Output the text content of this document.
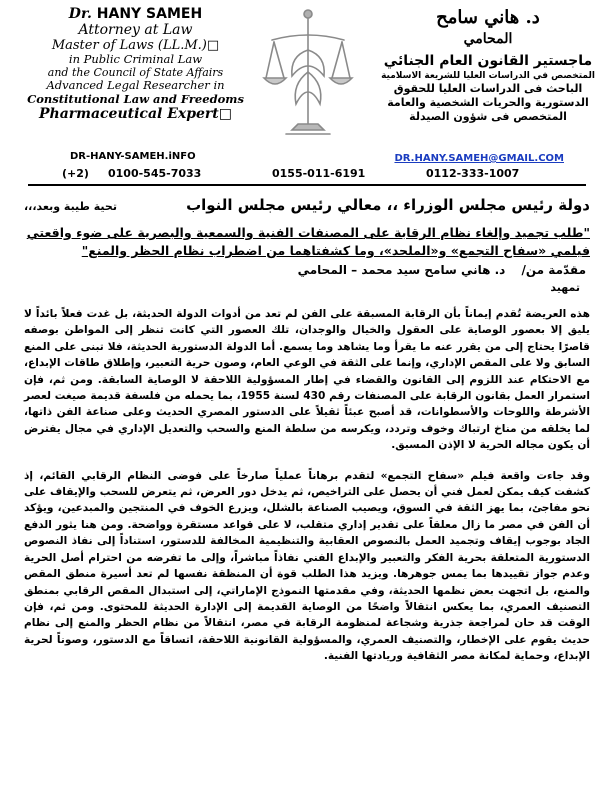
Dr. HANY SAMEH
Attorney at Law
Master of Laws (LL.M.)□
in Public Criminal Law
and the Council of State Affairs
Advanced Legal Researcher in
Constitutional Law and Freedoms
Pharmaceutical Expert□
DR-HANY-SAMEH.iNFO
د. هاني سامح
المحامي
ماجستير القانون العام الجنائي
المتخصص في الدراسات العليا للشريعة الاسلامية
الباحث فى الدراسات العليا للحقوق
الدستورية والحريات الشخصية والعامة
المتخصص فى شؤون الصيدلة
DR.HANY.SAMEH@GMAIL.COM
(+2) 0100-545-7033	0155-011-6191	0112-333-1007
دولة رئيس مجلس الوزراء ،، معالي رئيس مجلس النواب
تحية طيبة وبعد،،،

"طلب تجميد وإلغاء نظام الرقابة على المصنفات الفنية والسمعية والبصرية على ضوء واقعتي

فيلمي «سفاح التجمع» و«الملحد»، وما كشفتاهما من اضطراب نظام الحظر والمنع"

مقدّمة من/ د. هاني سامح سيد محمد – المحامي
تمهيد

هذه العريضة تُقدم إيماناً بأن الرقابة المسبقة على الفن لم تعد من أدوات الدولة الحديثة، بل غدت فعلاً بائداً لا يليق إلا بعصور الوصاية على العقول والخيال والوجدان، تلك العصور التي كانت تنظر إلى المواطن بوصفه قاصرًا يحتاج إلى من يقرر عنه ما يقرأ وما يشاهد وما يسمع. أما الدولة الدستورية الحديثة، فلا تبنى على المنع السابق ولا على المقص الإداري، وإنما على الثقة في الوعي العام، وصون حرية التعبير، وإطلاق طاقات الإبداع، مع الاحتكام عند اللزوم إلى القانون والقضاء في إطار المسؤولية اللاحقة لا الوصاية السابقة. ومن ثم، فإن استمرار العمل بقانون الرقابة على المصنفات رقم 430 لسنة 1955، بما يحمله من فلسفة قديمة صيغت لعصر الأشرطة واللوحات والأسطوانات، قد أصبح عبئاً ثقيلاً على الدستور المصري الحديث وعلى صناعة الفن ذاتها، لما يخلقه من مناخ ارتباك وخوف وتردد، ويكرسه من سلطة المنع والسحب والتعديل الإداري في مجال يفترض أن يكون مجاله الحرية لا الإذن المسبق.

وقد جاءت واقعة فيلم «سفاح التجمع» لتقدم برهاناً عملياً صارخاً على فوضى النظام الرقابي القائم، إذ كشفت كيف يمكن لعمل فني أن يحصل على التراخيص، ثم يدخل دور العرض، ثم يتعرض للسحب والإيقاف على نحو مفاجئ، بما يهز الثقة في السوق، ويصيب الصناعة بالشلل، ويزرع الخوف في المنتجين والمبدعين، ويؤكد أن الفن في مصر ما زال معلقاً على تقدير إداري متقلب، لا على قواعد مستقرة وواضحة. ومن هنا يثور الدفع الجاد بوجوب إيقاف وتجميد العمل بالنصوص العقابية والتنظيمية المخالفة للدستور، استناداً إلى نفاذ النصوص الدستورية المتعلقة بحرية الفكر والتعبير والإبداع الفني نفاذاً مباشراً، وإلى ما تفرضه من احترام أصل الحرية وعدم جواز تقييدها بما يمس جوهرها. ويزيد هذا الطلب قوة أن المنظقة نفسها لم تعد أسيرة منطق المقص والمنع، بل اتجهت بعض نظمها الحديثة، وفي مقدمتها النموذج الإماراتي، إلى استبدال المقص الرقابي بمنطق التصنيف العمري، بما يعكس انتقالاً واضحًا من الوصاية القديمة إلى الإدارة الحديثة للمحتوى. ومن ثم، فإن الوقت قد حان لمراجعة جذرية وشجاعة لمنظومة الرقابة في مصر، انتقالاً من نظام الحظر والمنع إلى نظام حديث يقوم على الإخطار، والتصنيف العمري، والمسؤولية القانونية اللاحقة، اتساقاً مع الدستور، وصوناً لحرية الإبداع، وحماية لمكانة مصر الثقافية وريادتها الفنية.
